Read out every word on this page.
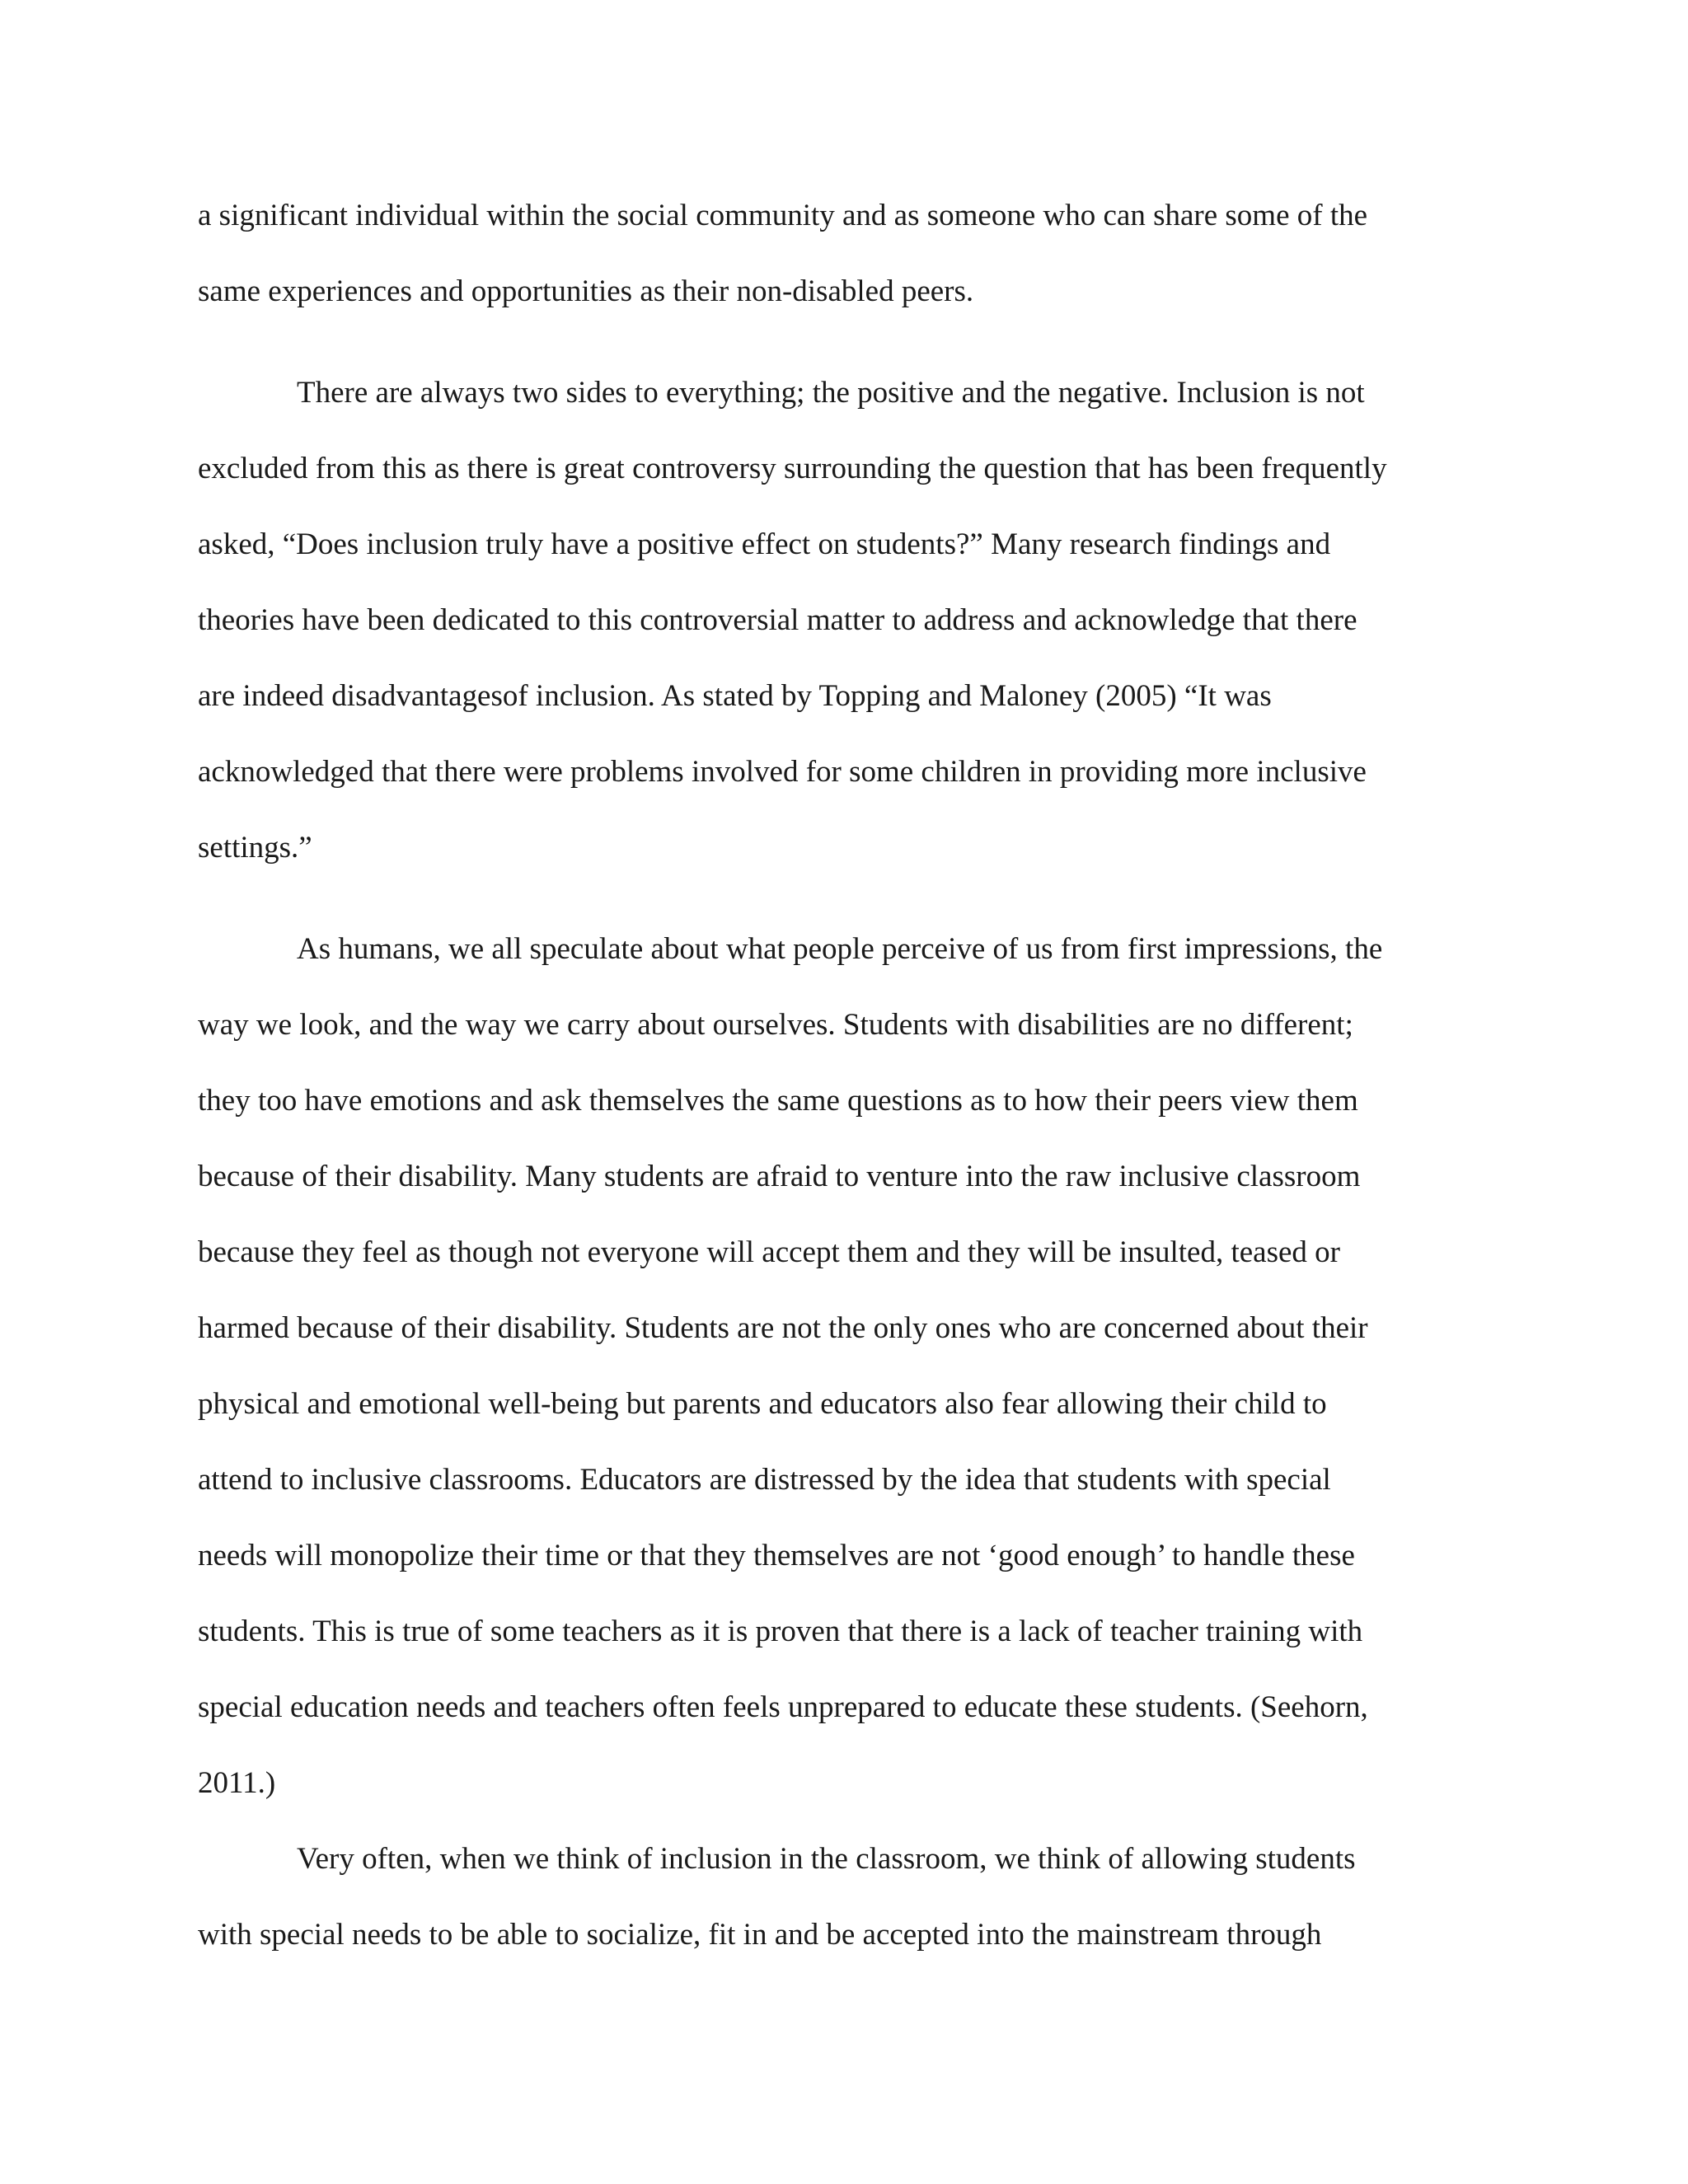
a significant individual within the social community and as someone who can share some of the
same experiences and opportunities as their non-disabled peers.
There are always two sides to everything; the positive and the negative. Inclusion is not
excluded from this as there is great controversy surrounding the question that has been frequently
asked, “Does inclusion truly have a positive effect on students?” Many research findings and
theories have been dedicated to this controversial matter to address and acknowledge that there
are indeed disadvantagesof inclusion. As stated by Topping and Maloney (2005) “It was
acknowledged that there were problems involved for some children in providing more inclusive
settings.”
As humans, we all speculate about what people perceive of us from first impressions, the
way we look, and the way we carry about ourselves. Students with disabilities are no different;
they too have emotions and ask themselves the same questions as to how their peers view them
because of their disability. Many students are afraid to venture into the raw inclusive classroom
because they feel as though not everyone will accept them and they will be insulted, teased or
harmed because of their disability. Students are not the only ones who are concerned about their
physical and emotional well-being but parents and educators also fear allowing their child to
attend to inclusive classrooms. Educators are distressed by the idea that students with special
needs will monopolize their time or that they themselves are not ‘good enough’ to handle these
students. This is true of some teachers as it is proven that there is a lack of teacher training with
special education needs and teachers often feels unprepared to educate these students. (Seehorn,
2011.)
Very often, when we think of inclusion in the classroom, we think of allowing students
with special needs to be able to socialize, fit in and be accepted into the mainstream through
